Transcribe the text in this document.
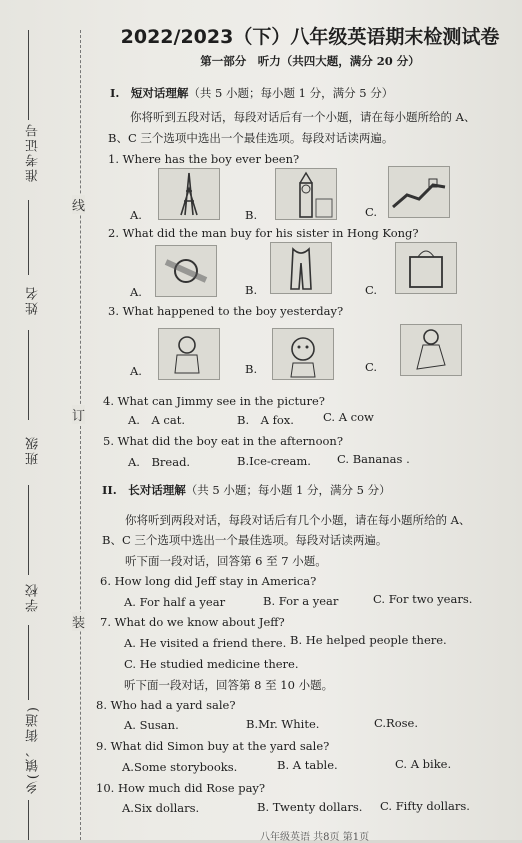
准考证号
姓名
班级
学校
乡(镇、街道)
线
订
装
2022/2023（下）八年级英语期末检测试卷
第一部分　听力（共四大题，满分 20 分）
I.　短对话理解（共 5 小题；每小题 1 分，满分 5 分）
你将听到五段对话，每段对话后有一个小题，请在每小题所给的 A、
B、C 三个选项中选出一个最佳选项。每段对话读两遍。
1. Where has the boy ever been?
A.	B.	C.
2. What did the man buy for his sister in Hong Kong?
A.	B.	C.
3. What happened to the boy yesterday?
A.	B.	C.
4. What can Jimmy see in the picture?
A.　A cat.	B.　A fox.	C. A cow
5. What did the boy eat in the afternoon?
A.　Bread.	B.Ice-cream. C. Bananas .
II.　长对话理解（共 5 小题；每小题 1 分，满分 5 分）
你将听到两段对话，每段对话后有几个小题，请在每小题所给的 A、
B、C 三个选项中选出一个最佳选项。每段对话读两遍。
听下面一段对话，回答第 6 至 7 小题。
6. How long did Jeff stay in America?
A. For half a year	B. For a year	C. For two years.
7. What do we know about Jeff?
A. He visited a friend there. B. He helped people there.
C. He studied medicine there.
听下面一段对话，回答第 8 至 10 小题。
8. Who had a yard sale?
A. Susan.	B.Mr. White.	C.Rose.
9. What did Simon buy at the yard sale?
A.Some storybooks.	B. A table.	C. A bike.
10. How much did Rose pay?
A.Six dollars.	B. Twenty dollars. C. Fifty dollars.
八年级英语 共8页 第1页
